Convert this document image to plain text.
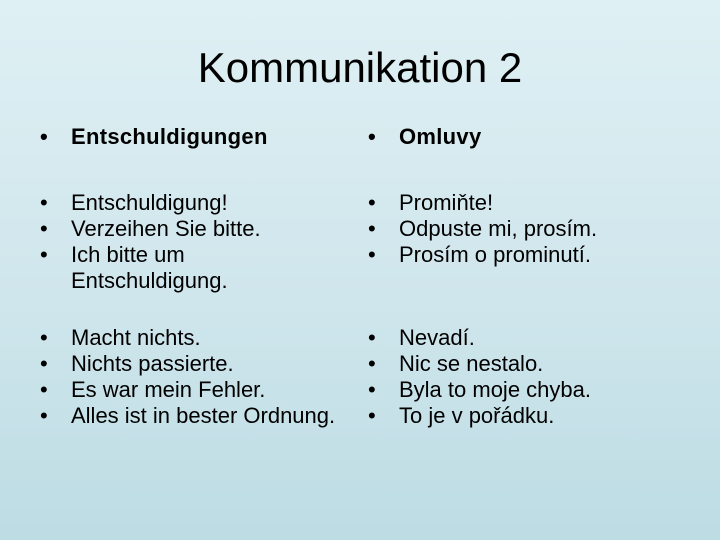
Kommunikation 2
•	Entschuldigungen
•	Entschuldigung!
•	Verzeihen Sie bitte.
•	Ich bitte um Entschuldigung.
•	Macht nichts.
•	Nichts passierte.
•	Es war mein Fehler.
•	Alles ist in bester Ordnung.
•	Omluvy
•	Promiňte!
•	Odpuste mi, prosím.
•	Prosím o prominutí.
•	Nevadí.
•	Nic se nestalo.
•	Byla to moje chyba.
•	To je v pořádku.
